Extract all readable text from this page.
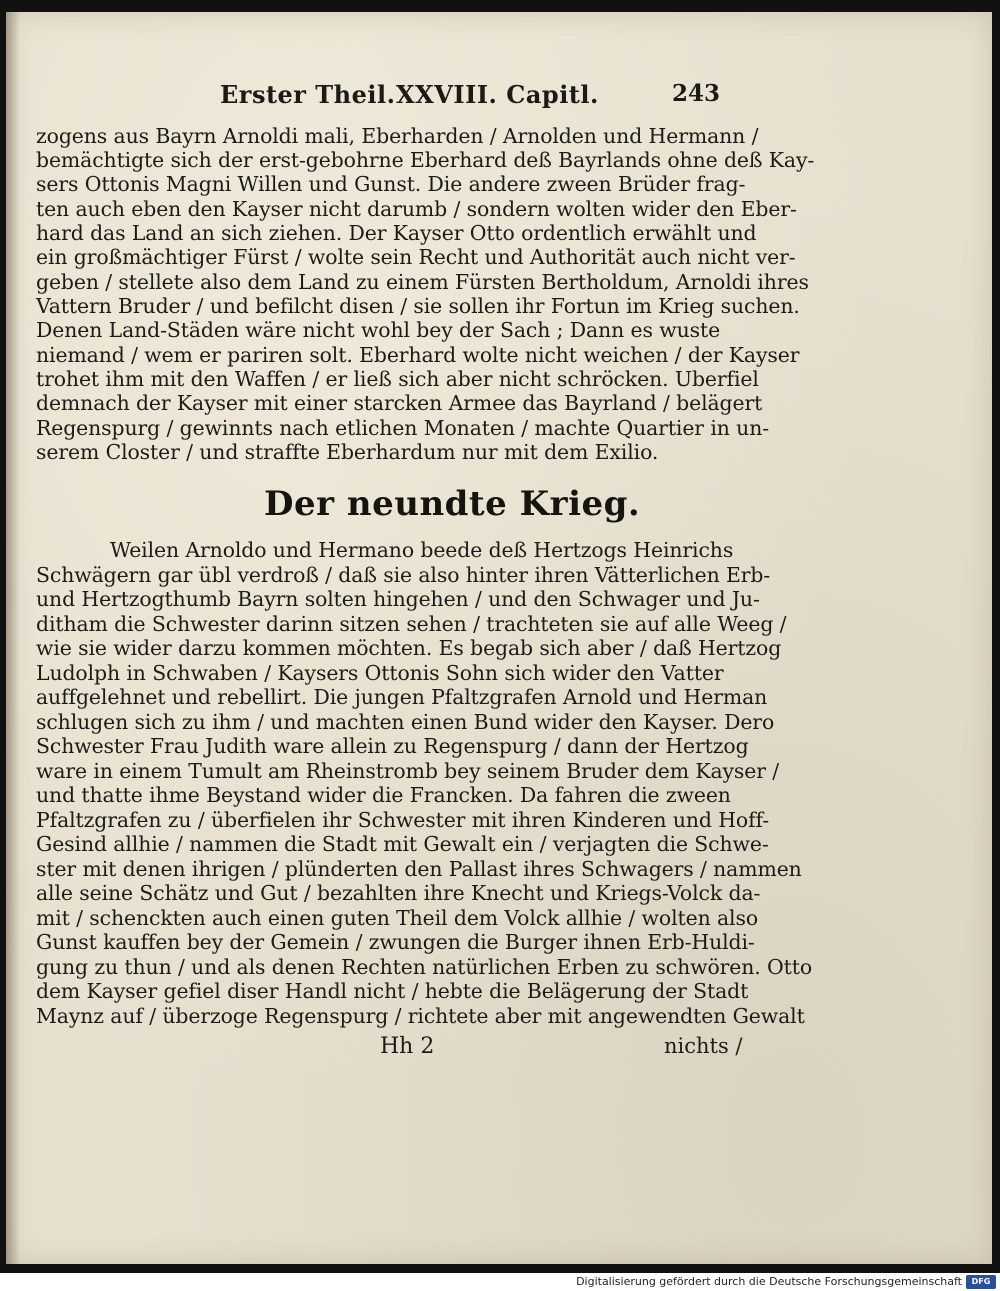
Erster Theil. XXVIII. Capitl.	243
zogens aus Bayrn Arnoldi mali, Eberharden / Arnolden und Hermann /
bemächtigte sich der erst-gebohrne Eberhard deß Bayrlands ohne deß Kay-
sers Ottonis Magni Willen und Gunst. Die andere zween Brüder frag-
ten auch eben den Kayser nicht darumb / sondern wolten wider den Eber-
hard das Land an sich ziehen. Der Kayser Otto ordentlich erwählt und
ein großmächtiger Fürst / wolte sein Recht und Authorität auch nicht ver-
geben / stellete also dem Land zu einem Fürsten Bertholdum, Arnoldi ihres
Vattern Bruder / und befilcht disen / sie sollen ihr Fortun im Krieg suchen.
Denen Land-Städen wäre nicht wohl bey der Sach ; Dann es wuste
niemand / wem er pariren solt. Eberhard wolte nicht weichen / der Kayser
trohet ihm mit den Waffen / er ließ sich aber nicht schröcken. Uberfiel
demnach der Kayser mit einer starcken Armee das Bayrland / belägert
Regenspurg / gewinnts nach etlichen Monaten / machte Quartier in un-
serem Closter / und straffte Eberhardum nur mit dem Exilio.
Der neundte Krieg.
Weilen Arnoldo und Hermano beede deß Hertzogs Heinrichs
Schwägern gar übl verdroß / daß sie also hinter ihren Vätterlichen Erb-
und Hertzogthumb Bayrn solten hingehen / und den Schwager und Ju-
ditham die Schwester darinn sitzen sehen / trachteten sie auf alle Weeg /
wie sie wider darzu kommen möchten. Es begab sich aber / daß Hertzog
Ludolph in Schwaben / Kaysers Ottonis Sohn sich wider den Vatter
auffgelehnet und rebellirt. Die jungen Pfaltzgrafen Arnold und Herman
schlugen sich zu ihm / und machten einen Bund wider den Kayser. Dero
Schwester Frau Judith ware allein zu Regenspurg / dann der Hertzog
ware in einem Tumult am Rheinstromb bey seinem Bruder dem Kayser /
und thatte ihme Beystand wider die Francken. Da fahren die zween
Pfaltzgrafen zu / überfielen ihr Schwester mit ihren Kinderen und Hoff-
Gesind allhie / nammen die Stadt mit Gewalt ein / verjagten die Schwe-
ster mit denen ihrigen / plünderten den Pallast ihres Schwagers / nammen
alle seine Schätz und Gut / bezahlten ihre Knecht und Kriegs-Volck da-
mit / schenckten auch einen guten Theil dem Volck allhie / wolten also
Gunst kauffen bey der Gemein / zwungen die Burger ihnen Erb-Huldi-
gung zu thun / und als denen Rechten natürlichen Erben zu schwören. Otto
dem Kayser gefiel diser Handl nicht / hebte die Belägerung der Stadt
Maynz auf / überzoge Regenspurg / richtete aber mit angewendten Gewalt
Hh 2	nichts /
Digitalisierung gefördert durch die Deutsche Forschungsgemeinschaft	DFG
